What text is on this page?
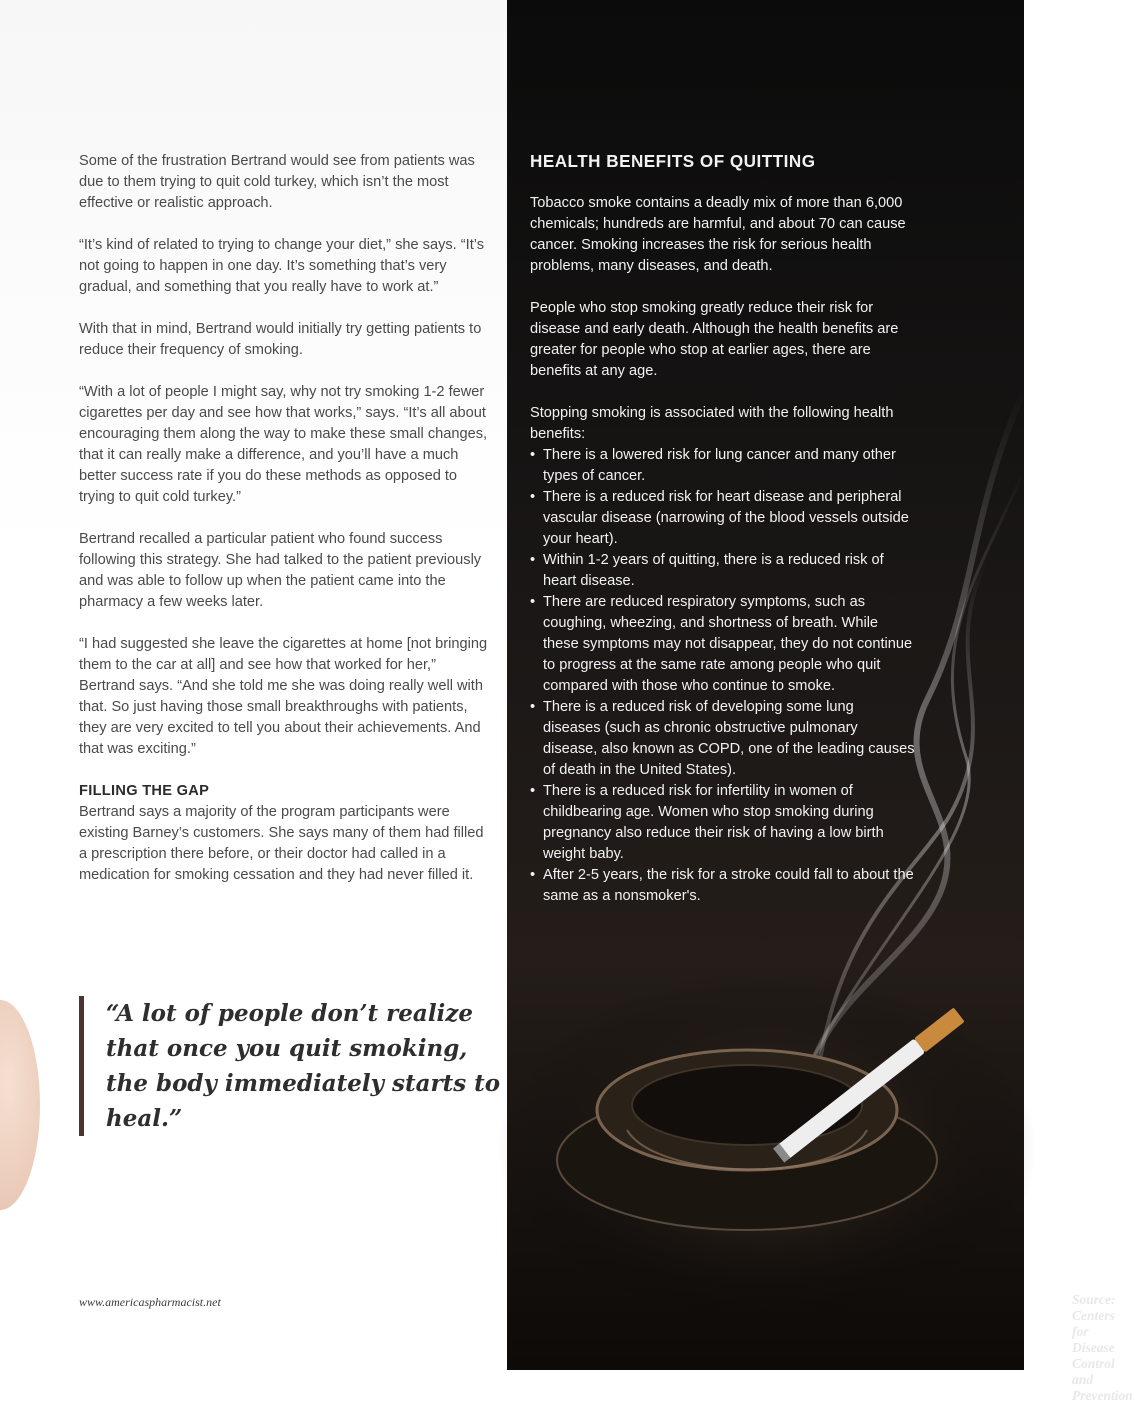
Some of the frustration Bertrand would see from patients was due to them trying to quit cold turkey, which isn’t the most effective or realistic approach.

“It’s kind of related to trying to change your diet,” she says. “It’s not going to happen in one day. It’s something that’s very gradual, and something that you really have to work at.”

With that in mind, Bertrand would initially try getting patients to reduce their frequency of smoking.

“With a lot of people I might say, why not try smoking 1-2 fewer cigarettes per day and see how that works,” says. “It’s all about encouraging them along the way to make these small changes, that it can really make a difference, and you’ll have a much better success rate if you do these methods as opposed to trying to quit cold turkey.”

Bertrand recalled a particular patient who found success following this strategy. She had talked to the patient previously and was able to follow up when the patient came into the pharmacy a few weeks later.

“I had suggested she leave the cigarettes at home [not bringing them to the car at all] and see how that worked for her,” Bertrand says. “And she told me she was doing really well with that. So just having those small breakthroughs with patients, they are very excited to tell you about their achievements. And that was exciting.”

FILLING THE GAP

Bertrand says a majority of the program participants were existing Barney’s customers. She says many of them had filled a prescription there before, or their doctor had called in a medication for smoking cessation and they had never filled it.

“A lot of people don’t realize that once you quit smoking, the body immediately starts to heal.”

www.americaspharmacist.net	Source: Centers for Disease Control and Prevention
HEALTH BENEFITS OF QUITTING

Tobacco smoke contains a deadly mix of more than 6,000 chemicals; hundreds are harmful, and about 70 can cause cancer. Smoking increases the risk for serious health problems, many diseases, and death.

People who stop smoking greatly reduce their risk for disease and early death. Although the health benefits are greater for people who stop at earlier ages, there are benefits at any age.

Stopping smoking is associated with the following health benefits:

• There is a lowered risk for lung cancer and many other types of cancer.
• There is a reduced risk for heart disease and peripheral vascular disease (narrowing of the blood vessels outside your heart).
• Within 1-2 years of quitting, there is a reduced risk of heart disease.
• There are reduced respiratory symptoms, such as coughing, wheezing, and shortness of breath. While these symptoms may not disappear, they do not continue to progress at the same rate among people who quit compared with those who continue to smoke.
• There is a reduced risk of developing some lung diseases (such as chronic obstructive pulmonary disease, also known as COPD, one of the leading causes of death in the United States).
• There is a reduced risk for infertility in women of childbearing age. Women who stop smoking during pregnancy also reduce their risk of having a low birth weight baby.
• After 2-5 years, the risk for a stroke could fall to about the same as a nonsmoker's.
